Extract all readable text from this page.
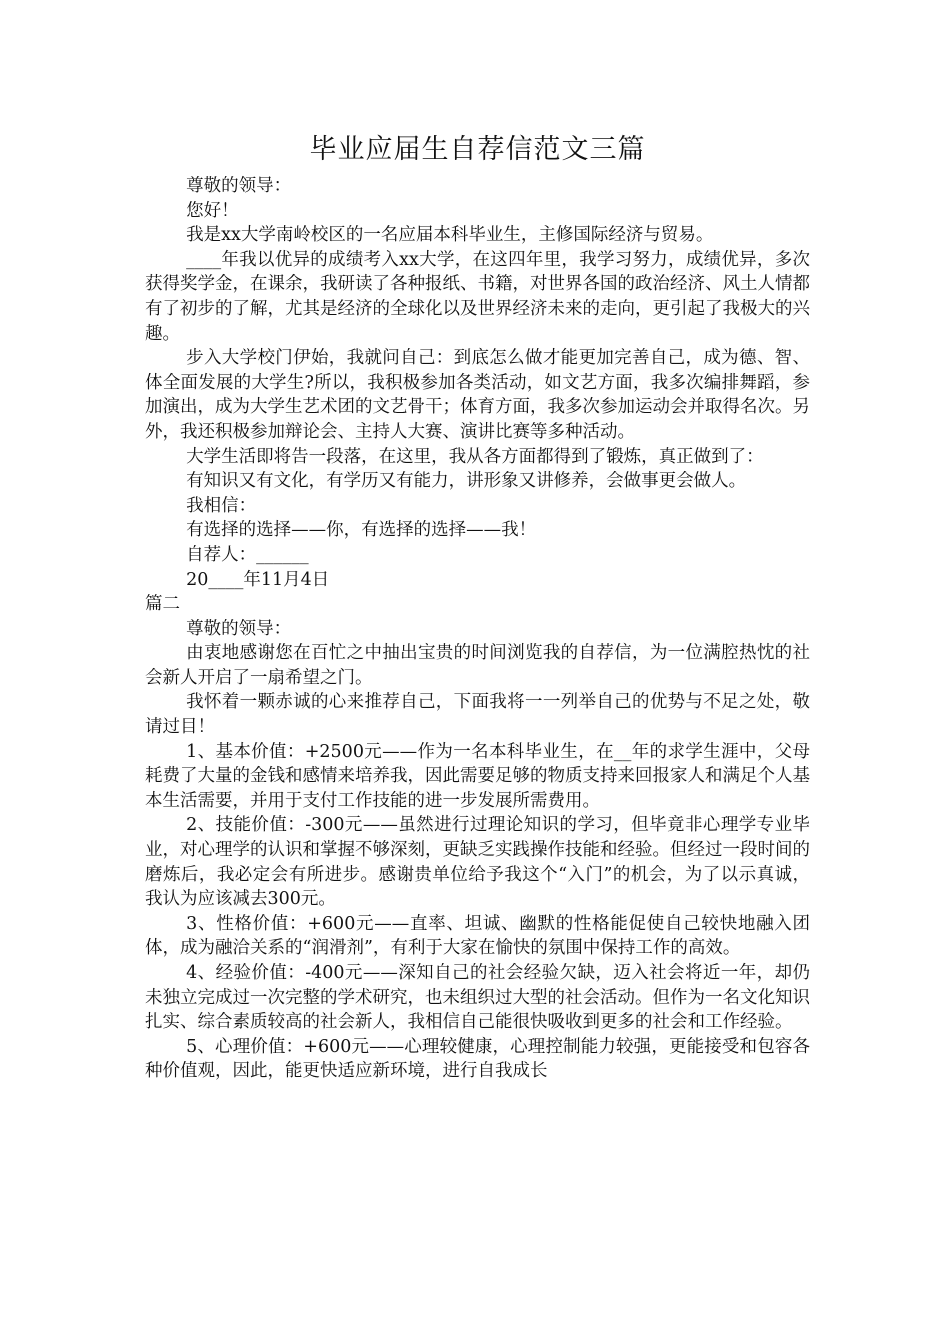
毕业应届生自荐信范文三篇

尊敬的领导：

您好！

我是xx大学南岭校区的一名应届本科毕业生，主修国际经济与贸易。

____年我以优异的成绩考入xx大学，在这四年里，我学习努力，成绩优异，多次获得奖学金，在课余，我研读了各种报纸、书籍，对世界各国的政治经济、风土人情都有了初步的了解，尤其是经济的全球化以及世界经济未来的走向，更引起了我极大的兴趣。

步入大学校门伊始，我就问自己：到底怎么做才能更加完善自己，成为德、智、体全面发展的大学生?所以，我积极参加各类活动，如文艺方面，我多次编排舞蹈，参加演出，成为大学生艺术团的文艺骨干；体育方面，我多次参加运动会并取得名次。另外，我还积极参加辩论会、主持人大赛、演讲比赛等多种活动。

大学生活即将告一段落，在这里，我从各方面都得到了锻炼，真正做到了：

有知识又有文化，有学历又有能力，讲形象又讲修养，会做事更会做人。

我相信：

有选择的选择——你，有选择的选择——我！

自荐人：______

20____年11月4日

篇二

尊敬的领导：

由衷地感谢您在百忙之中抽出宝贵的时间浏览我的自荐信，为一位满腔热忱的社会新人开启了一扇希望之门。

我怀着一颗赤诚的心来推荐自己，下面我将一一列举自己的优势与不足之处，敬请过目！

1、基本价值：+2500元——作为一名本科毕业生，在__年的求学生涯中，父母耗费了大量的金钱和感情来培养我，因此需要足够的物质支持来回报家人和满足个人基本生活需要，并用于支付工作技能的进一步发展所需费用。

2、技能价值：-300元——虽然进行过理论知识的学习，但毕竟非心理学专业毕业，对心理学的认识和掌握不够深刻，更缺乏实践操作技能和经验。但经过一段时间的磨炼后，我必定会有所进步。感谢贵单位给予我这个“入门”的机会，为了以示真诚，我认为应该减去300元。

3、性格价值：+600元——直率、坦诚、幽默的性格能促使自己较快地融入团体，成为融洽关系的“润滑剂”，有利于大家在愉快的氛围中保持工作的高效。

4、经验价值：-400元——深知自己的社会经验欠缺，迈入社会将近一年，却仍未独立完成过一次完整的学术研究，也未组织过大型的社会活动。但作为一名文化知识扎实、综合素质较高的社会新人，我相信自己能很快吸收到更多的社会和工作经验。

5、心理价值：+600元——心理较健康，心理控制能力较强，更能接受和包容各种价值观，因此，能更快适应新环境，进行自我成长
